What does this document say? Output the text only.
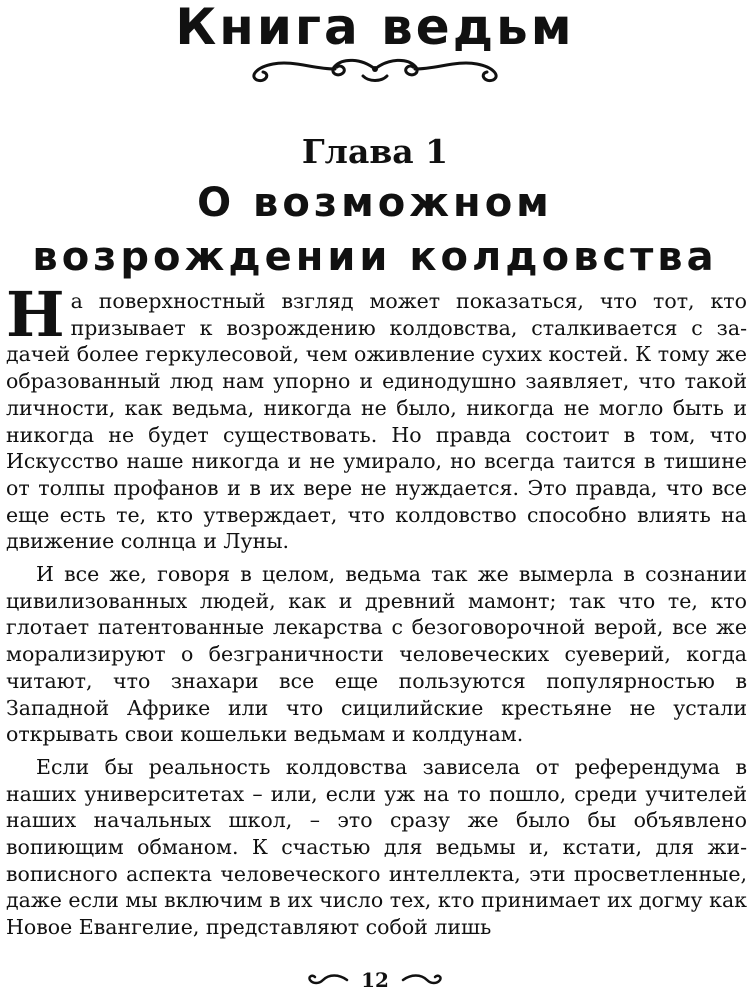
Книга ведьм
Глава 1
О возможном
возрождении колдовства

На поверхностный взгляд может показаться, что тот, кто призывает к возрождению колдовства, сталкивается с задачей более геркулесовой, чем оживление сухих костей. К тому же образованный люд нам упорно и единодушно заявляет, что такой личности, как ведьма, никогда не было, никогда не могло быть и никогда не будет существовать. Но правда состоит в том, что Искусство наше никогда и не умирало, но всегда таится в тишине от толпы профанов и в их вере не нуждается. Это правда, что все еще есть те, кто утверждает, что колдовство способно влиять на движение солнца и Луны.

И все же, говоря в целом, ведьма так же вымерла в сознании цивилизованных людей, как и древний мамонт; так что те, кто глотает патентованные лекарства с безоговорочной верой, все же морализируют о безграничности человеческих суеверий, когда читают, что знахари все еще пользуются популярностью в Западной Африке или что сицилийские крестьяне не устали открывать свои кошельки ведьмам и колдунам.

Если бы реальность колдовства зависела от референдума в наших университетах – или, если уж на то пошло, среди учителей наших начальных школ, – это сразу же было бы объявлено вопиющим обманом. К счастью для ведьмы и, кстати, для живописного аспекта человеческого интеллекта, эти просветленные, даже если мы включим в их число тех, кто принимает их догму как Новое Евангелие, представляют собой лишь

12
